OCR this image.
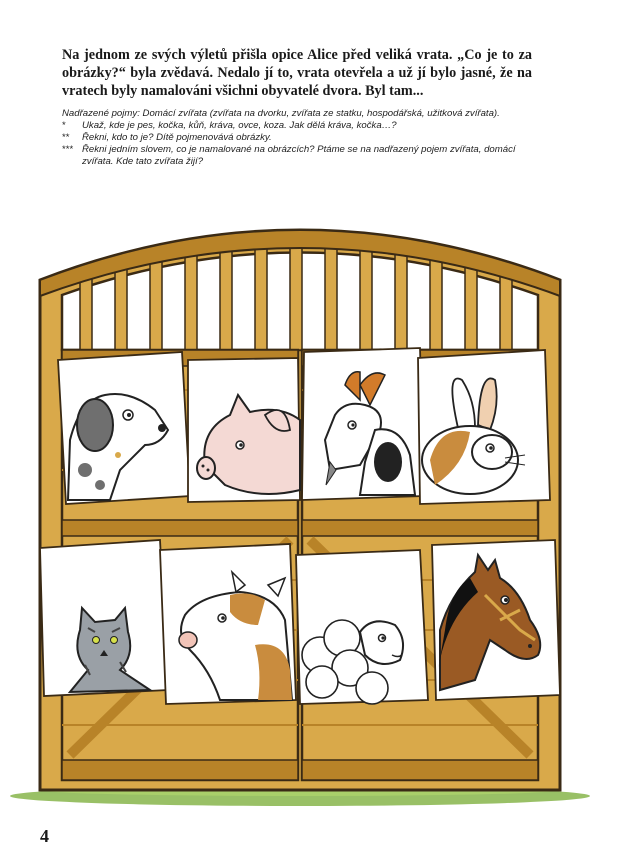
Na jednom ze svých výletů přišla opice Alice před veliká vrata. „Co je to za obrázky?“ byla zvědavá. Nedalo jí to, vrata otevřela a už jí bylo jasné, že na vratech byly namalováni všichni obyvatelé dvora. Byl tam...
Nadřazené pojmy: Domácí zvířata (zvířata na dvorku, zvířata ze statku, hospodářská, užitková zvířata).
*	Ukaž, kde je pes, kočka, kůň, kráva, ovce, koza. Jak dělá kráva, kočka…?
**	Řekni, kdo to je? Dítě pojmenovává obrázky.
*** Řekni jedním slovem, co je namalované na obrázcích? Ptáme se na nadřazený pojem zvířata, domácí zvířata. Kde tato zvířata žijí?
4
